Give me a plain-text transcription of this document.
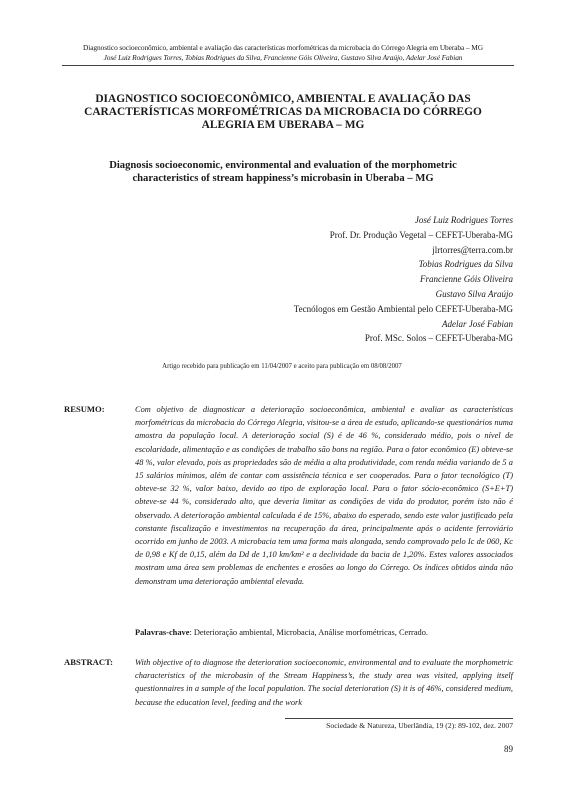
Diagnostico socioeconômico, ambiental e avaliação das características morfométricas da microbacia do Córrego Alegria em Uberaba – MG
José Luiz Rodrigues Torres, Tobias Rodrigues da Silva, Francienne Góis Oliveira, Gustavo Silva Araújo, Adelar José Fabian
DIAGNOSTICO SOCIOECONÔMICO, AMBIENTAL E AVALIAÇÃO DAS CARACTERÍSTICAS MORFOMÉTRICAS DA MICROBACIA DO CÓRREGO ALEGRIA EM UBERABA – MG
Diagnosis socioeconomic, environmental and evaluation of the morphometric characteristics of stream happiness’s microbasin in Uberaba – MG
José Luiz Rodrigues Torres
Prof. Dr. Produção Vegetal – CEFET-Uberaba-MG
jlrtorres@terra.com.br
Tobias Rodrigues da Silva
Francienne Góis Oliveira
Gustavo Silva Araújo
Tecnólogos em Gestão Ambiental pelo CEFET-Uberaba-MG
Adelar José Fabian
Prof. MSc. Solos – CEFET-Uberaba-MG
Artigo recebido para publicação em 11/04/2007 e aceito para publicação em 08/08/2007
RESUMO:	Com objetivo de diagnosticar a deterioração socioeconômica, ambiental e avaliar as características morfométricas da microbacia do Córrego Alegria, visitou-se a área de estudo, aplicando-se questionários numa amostra da população local. A deterioração social (S) é de 46 %, considerado médio, pois o nível de escolaridade, alimentação e as condições de trabalho são bons na região. Para o fator econômico (E) obteve-se 48 %, valor elevado, pois as propriedades são de média a alta produtividade, com renda média variando de 5 a 15 salários mínimos, além de contar com assistência técnica e ser cooperados. Para o fator tecnológico (T) obteve-se 32 %, valor baixo, devido ao tipo de exploração local. Para o fator sócio-econômico (S+E+T) obteve-se 44 %, considerado alto, que deveria limitar as condições de vida do produtor, porém isto não é observado. A deterioração ambiental calculada é de 15%, abaixo do esperado, sendo este valor justificado pela constante fiscalização e investimentos na recuperação da área, principalmente após o acidente ferroviário ocorrido em junho de 2003. A microbacia tem uma forma mais alongada, sendo comprovado pelo Ic de 060, Kc de 0,98 e Kf de 0,15, além da Dd de 1,10 km/km² e a declividade da bacia de 1,20%. Estes valores associados mostram uma área sem problemas de enchentes e erosões ao longo do Córrego. Os índices obtidos ainda não demonstram uma deterioração ambiental elevada.
Palavras-chave: Deterioração ambiental, Microbacia, Análise morfométricas, Cerrado.
ABSTRACT:	With objective of to diagnose the deterioration socioeconomic, environmental and to evaluate the morphometric characteristics of the microbasin of the Stream Happiness’s, the study area was visited, applying itself questionnaires in a sample of the local population. The social deterioration (S) it is of 46%, considered medium, because the education level, feeding and the work
Sociedade & Natureza, Uberlândia, 19 (2): 89-102, dez. 2007
89
